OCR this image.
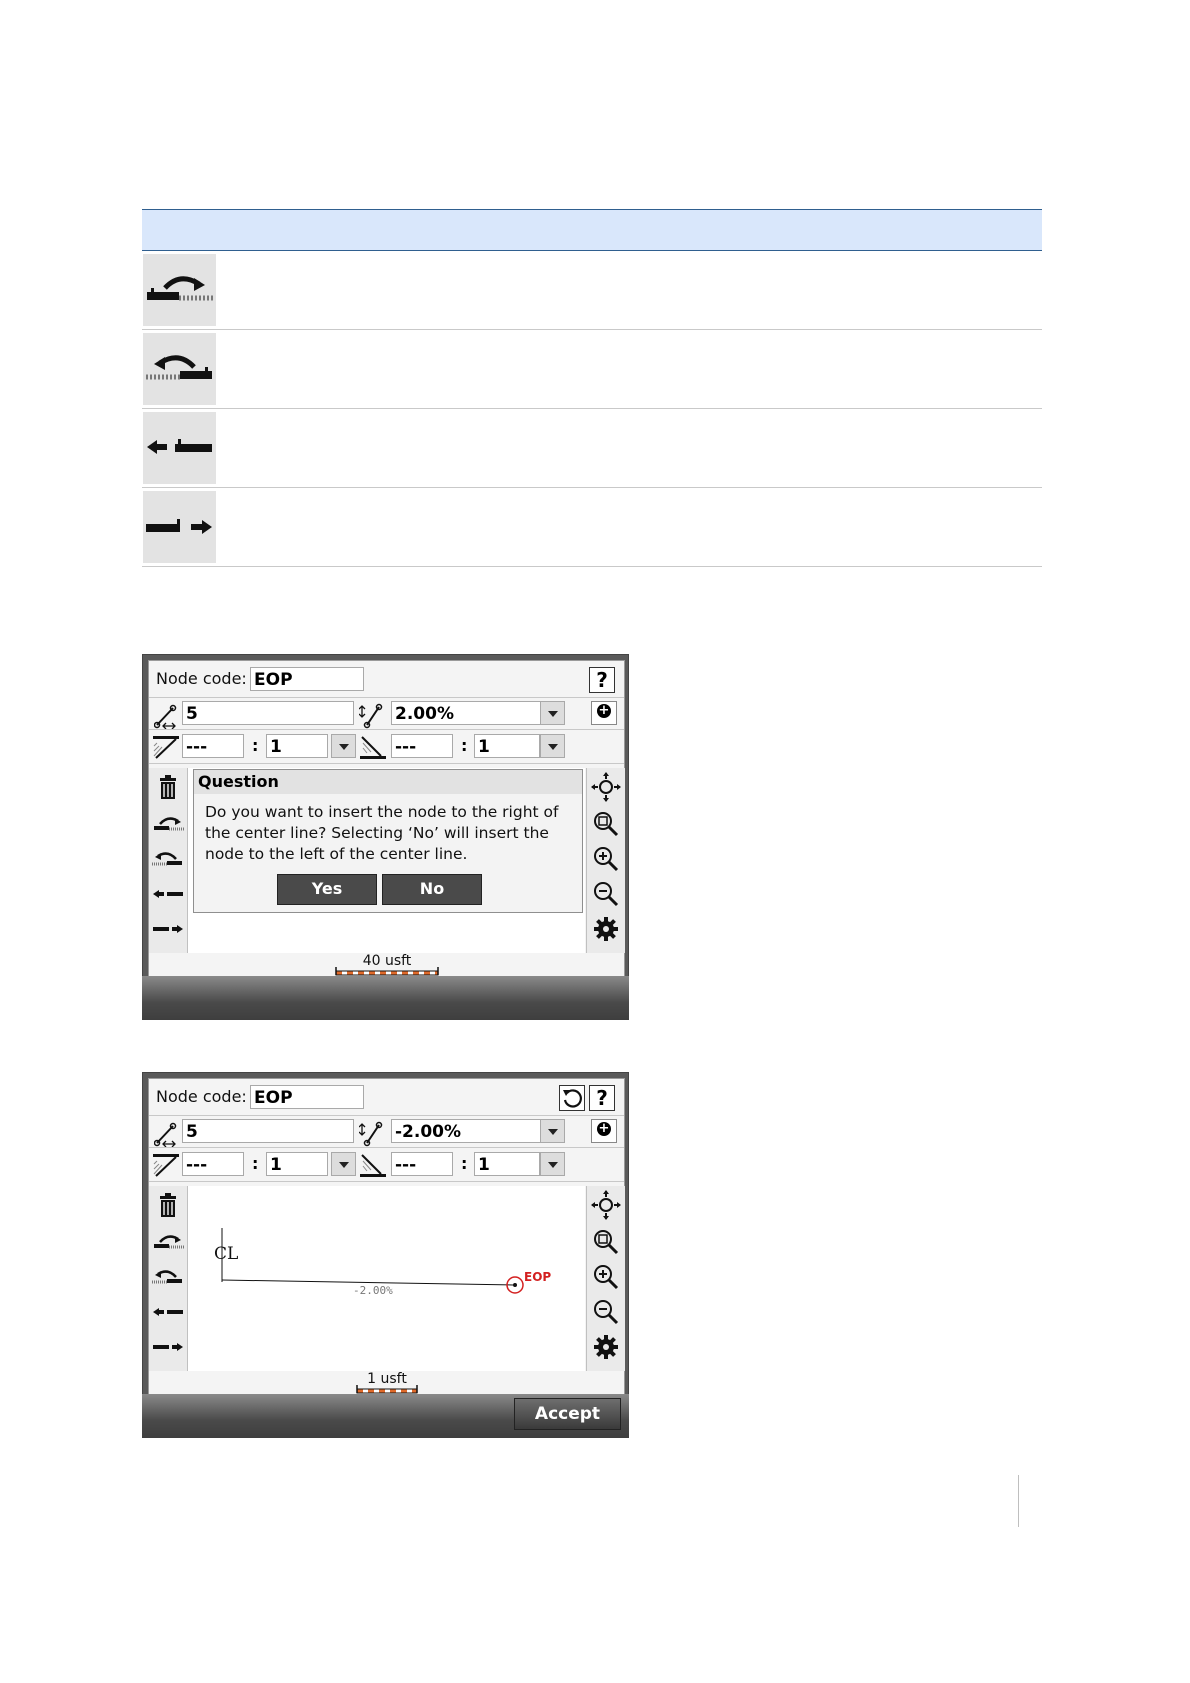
Node code: EOP	?
5	2.00%
+
---	: 1	---	: 1
Question
Do you want to insert the node to the right of the center line? Selecting ‘No’ will insert the node to the left of the center line.
Yes	No
40 usft
Node code: EOP	?
5	-2.00%
+
---	: 1	---	: 1
CL
-2.00%
EOP
1 usft
Accept
